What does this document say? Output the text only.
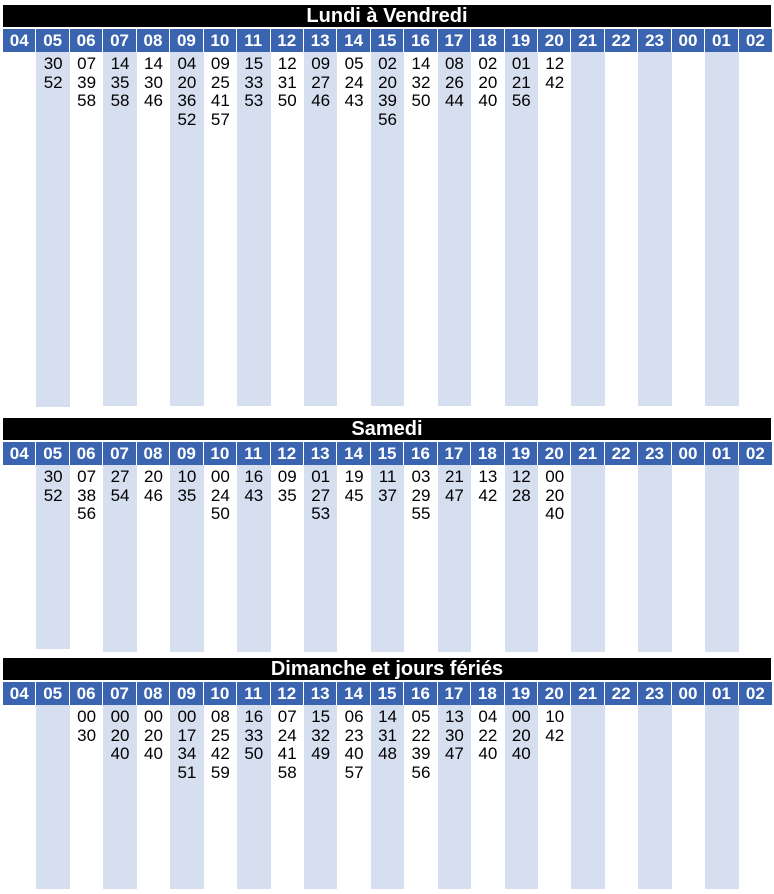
Lundi à Vendredi
04 05 06 07 08 09 10 11 12 13 14 15 16 17 18 19 20 21 22 23 00 01 02
30
52
07
39
58
14
35
58
14
30
46
04
20
36
52
09
25
41
57
15
33
53
12
31
50
09
27
46
05
24
43
02
20
39
56
14
32
50
08
26
44
02
20
40
01
21
56
12
42
Samedi
04 05 06 07 08 09 10 11 12 13 14 15 16 17 18 19 20 21 22 23 00 01 02
30
52
07
38
56
27
54
20
46
10
35
00
24
50
16
43
09
35
01
27
53
19
45
11
37
03
29
55
21
47
13
42
12
28
00
20
40
Dimanche et jours fériés
04 05 06 07 08 09 10 11 12 13 14 15 16 17 18 19 20 21 22 23 00 01 02
00
30
00
20
40
00
20
40
00
17
34
51
08
25
42
59
16
33
50
07
24
41
58
15
32
49
06
23
40
57
14
31
48
05
22
39
56
13
30
47
04
22
40
00
20
40
10
42
